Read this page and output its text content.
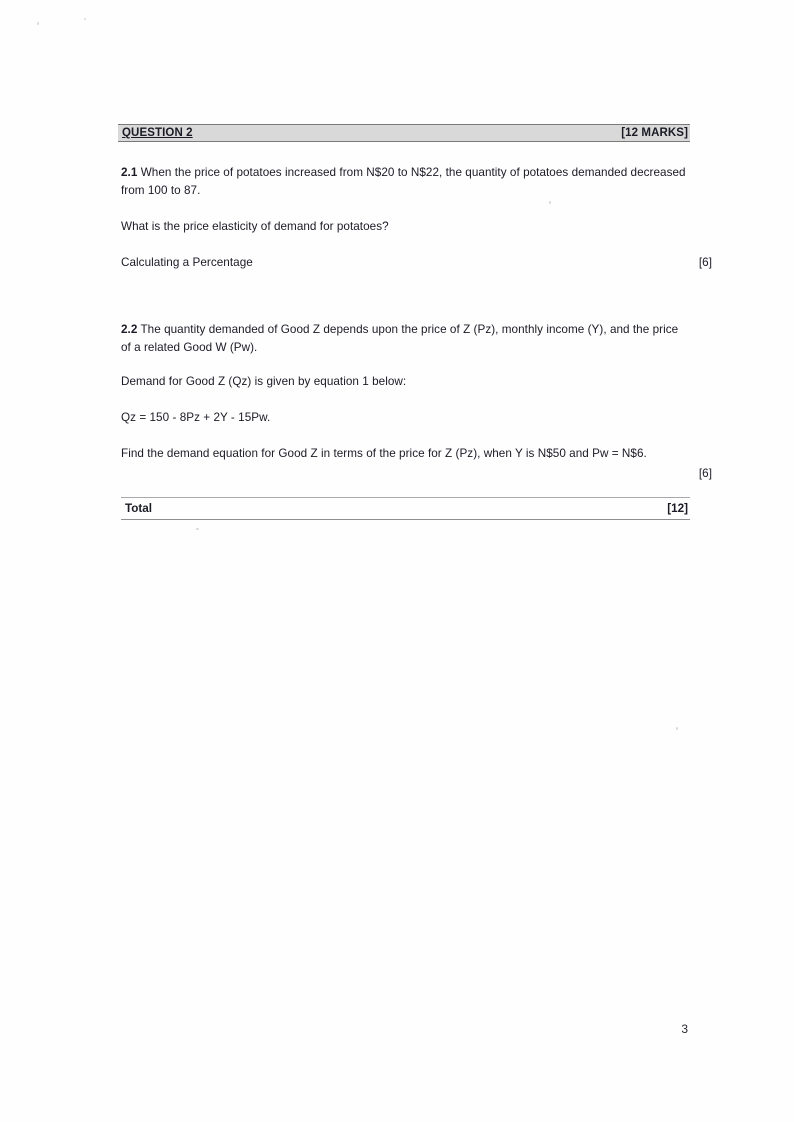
QUESTION 2	[12 MARKS]

2.1 When the price of potatoes increased from N$20 to N$22, the quantity of potatoes demanded decreased from 100 to 87.

What is the price elasticity of demand for potatoes?

Calculating a Percentage	[6]

2.2 The quantity demanded of Good Z depends upon the price of Z (Pz), monthly income (Y), and the price of a related Good W (Pw).

Demand for Good Z (Qz) is given by equation 1 below:

Qz = 150 - 8Pz + 2Y - 15Pw.

Find the demand equation for Good Z in terms of the price for Z (Pz), when Y is N$50 and Pw = N$6.
[6]

Total	[12]
3
